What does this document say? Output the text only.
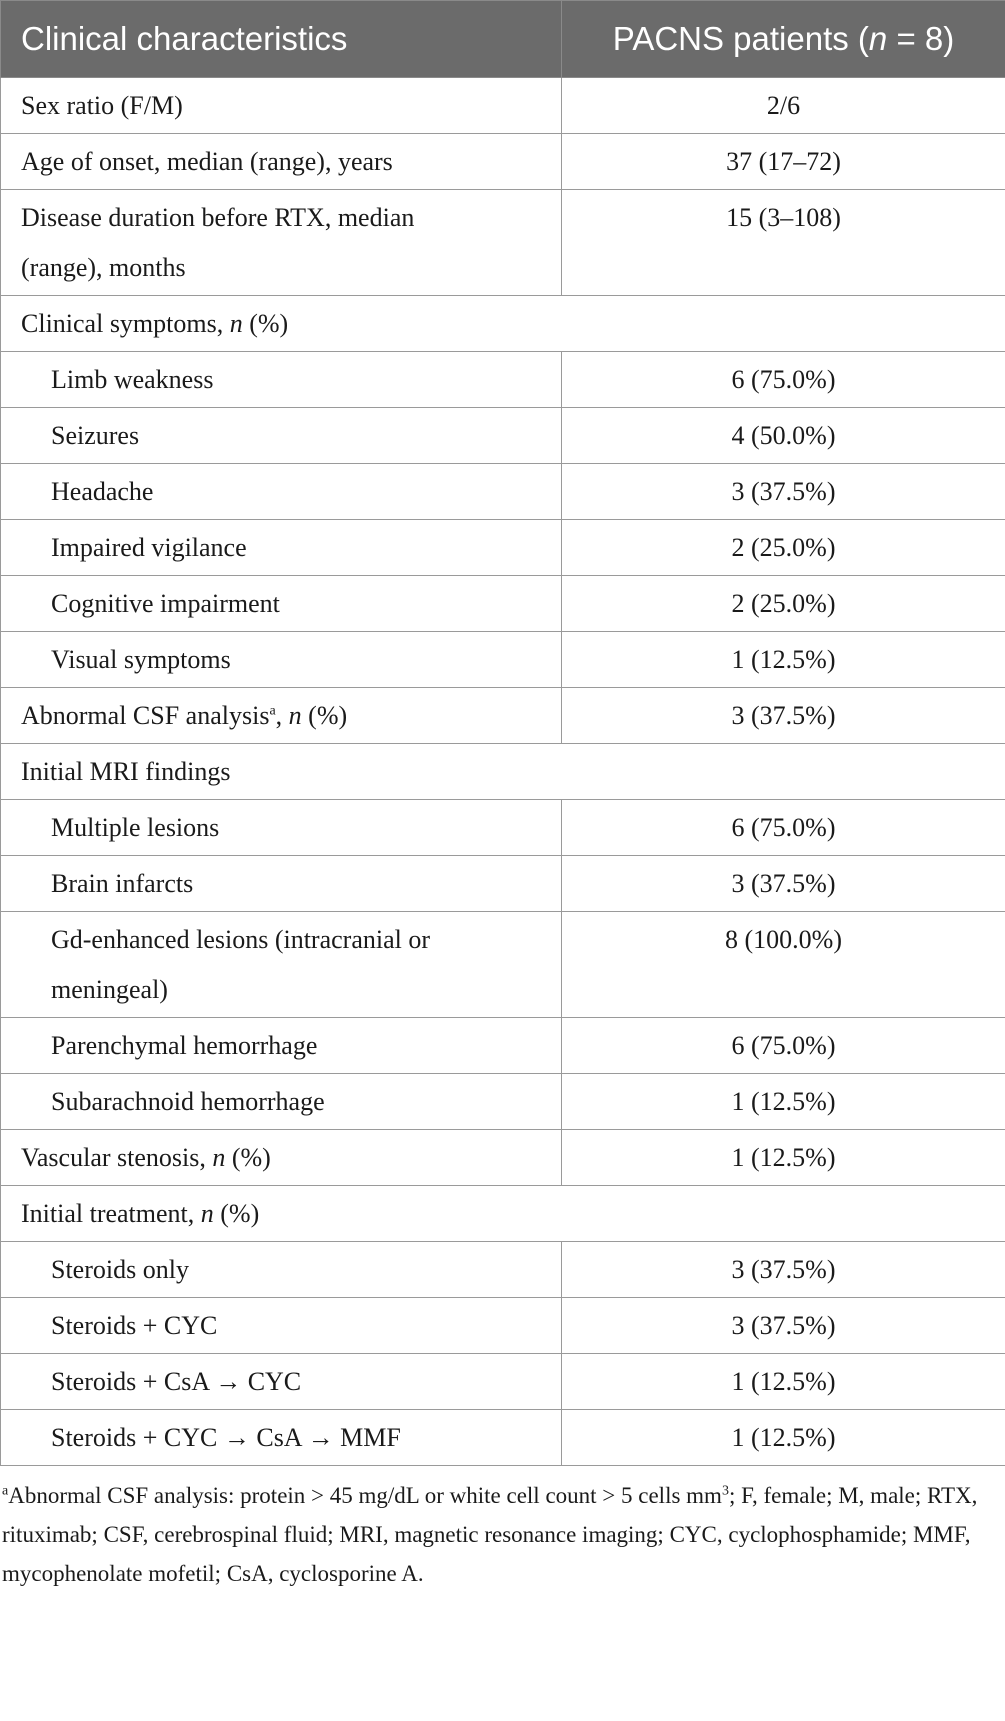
Clinical characteristics	PACNS patients (n = 8)
Sex ratio (F/M)	2/6
Age of onset, median (range), years	37 (17–72)
Disease duration before RTX, median
(range), months	15 (3–108)
Clinical symptoms, n (%)	
Limb weakness	6 (75.0%)
Seizures	4 (50.0%)
Headache	3 (37.5%)
Impaired vigilance	2 (25.0%)
Cognitive impairment	2 (25.0%)
Visual symptoms	1 (12.5%)
Abnormal CSF analysis$^a$, n (%)	3 (37.5%)
Initial MRI findings	
Multiple lesions	6 (75.0%)
Brain infarcts	3 (37.5%)
Gd-enhanced lesions (intracranial or
meningeal)	8 (100.0%)
Parenchymal hemorrhage	6 (75.0%)
Subarachnoid hemorrhage	1 (12.5%)
Vascular stenosis, n (%)	1 (12.5%)
Initial treatment, n (%)	
Steroids only	3 (37.5%)
Steroids + CYC	3 (37.5%)
Steroids + CsA → CYC	1 (12.5%)
Steroids + CYC → CsA → MMF	1 (12.5%)

$^a$Abnormal CSF analysis: protein > 45 mg/dL or white cell count > 5 cells $mm^3$; F, female; M, male; RTX, rituximab; CSF, cerebrospinal fluid; MRI, magnetic resonance imaging; CYC, cyclophosphamide; MMF, mycophenolate mofetil; CsA, cyclosporine A.
